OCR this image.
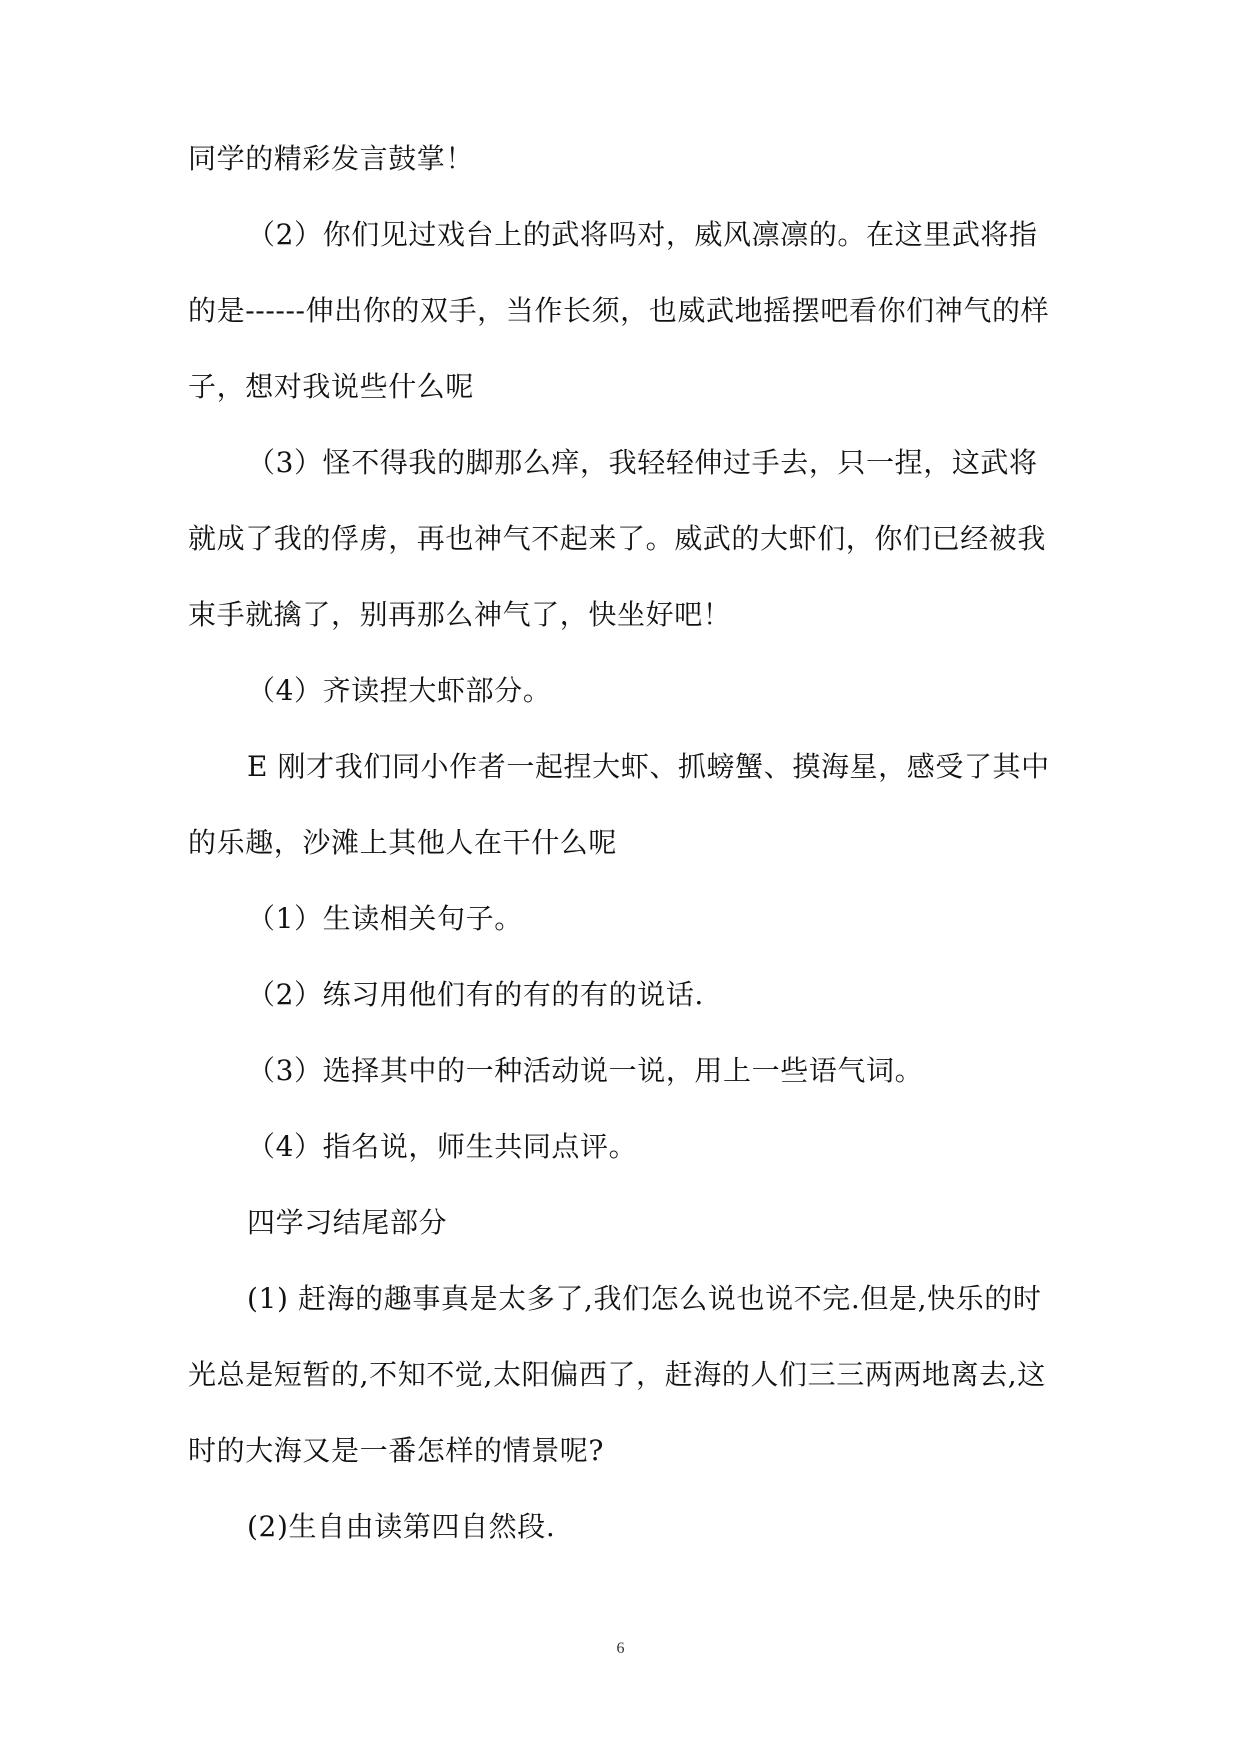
同学的精彩发言鼓掌！
（2）你们见过戏台上的武将吗对，威风凛凛的。在这里武将指
的是------伸出你的双手，当作长须，也威武地摇摆吧看你们神气的样
子，想对我说些什么呢
（3）怪不得我的脚那么痒，我轻轻伸过手去，只一捏，这武将
就成了我的俘虏，再也神气不起来了。威武的大虾们，你们已经被我
束手就擒了，别再那么神气了，快坐好吧！
（4）齐读捏大虾部分。
E 刚才我们同小作者一起捏大虾、抓螃蟹、摸海星，感受了其中
的乐趣，沙滩上其他人在干什么呢
（1）生读相关句子。
（2）练习用他们有的有的有的说话.
（3）选择其中的一种活动说一说，用上一些语气词。
（4）指名说，师生共同点评。
四学习结尾部分
(1) 赶海的趣事真是太多了,我们怎么说也说不完.但是,快乐的时
光总是短暂的,不知不觉,太阳偏西了，赶海的人们三三两两地离去,这
时的大海又是一番怎样的情景呢?
(2)生自由读第四自然段.
6
